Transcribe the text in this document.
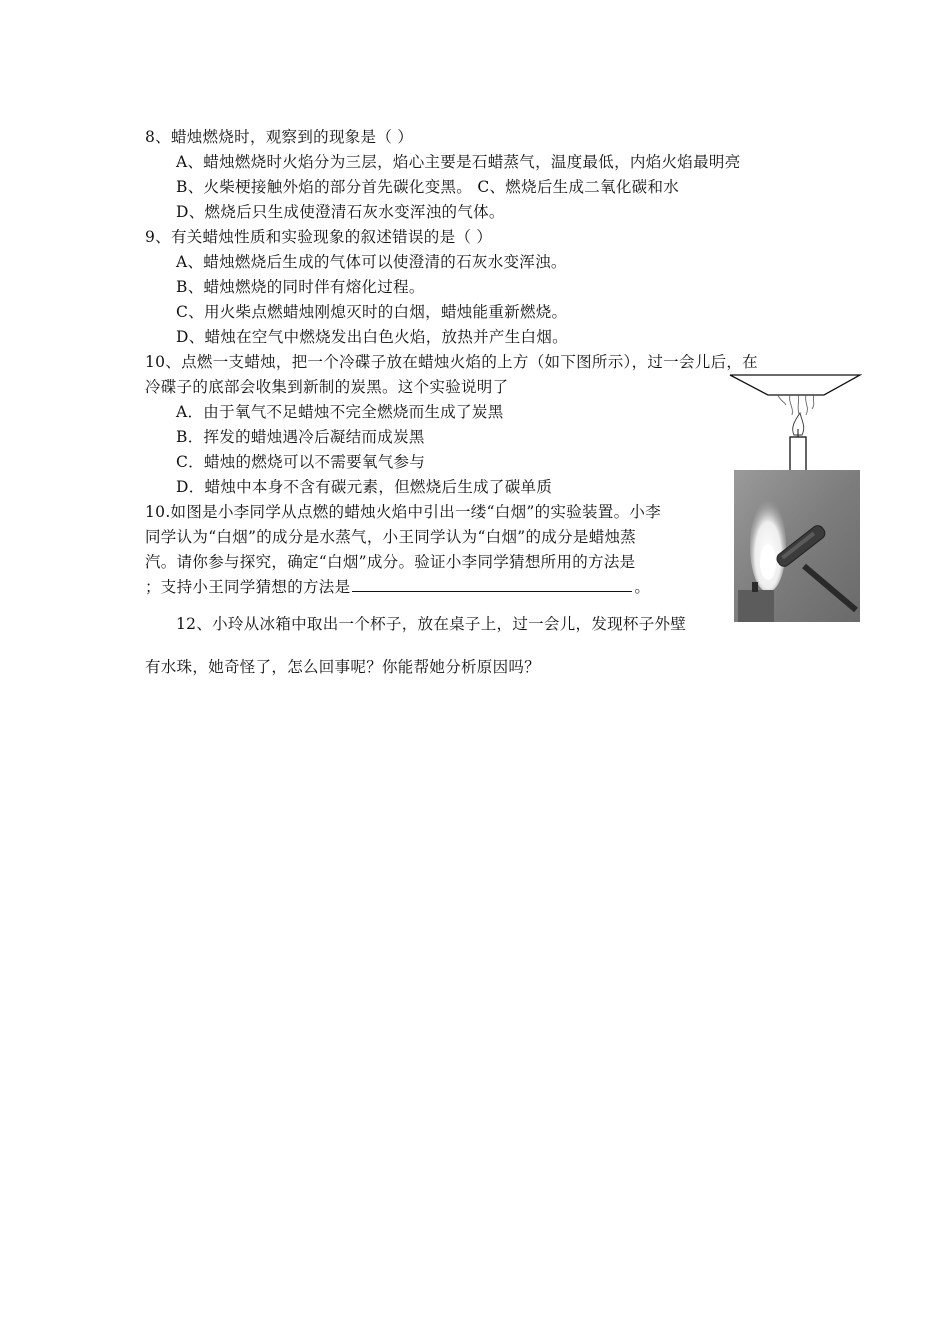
8、蜡烛燃烧时，观察到的现象是（ ）
A、蜡烛燃烧时火焰分为三层，焰心主要是石蜡蒸气，温度最低，内焰火焰最明亮
B、火柴梗接触外焰的部分首先碳化变黑。 C、燃烧后生成二氧化碳和水
D、燃烧后只生成使澄清石灰水变浑浊的气体。
9、有关蜡烛性质和实验现象的叙述错误的是（ ）
A、蜡烛燃烧后生成的气体可以使澄清的石灰水变浑浊。
B、蜡烛燃烧的同时伴有熔化过程。
C、用火柴点燃蜡烛刚熄灭时的白烟，蜡烛能重新燃烧。
D、蜡烛在空气中燃烧发出白色火焰，放热并产生白烟。
10、点燃一支蜡烛，把一个冷碟子放在蜡烛火焰的上方（如下图所示），过一会儿后，在
冷碟子的底部会收集到新制的炭黑。这个实验说明了
A．由于氧气不足蜡烛不完全燃烧而生成了炭黑
B．挥发的蜡烛遇冷后凝结而成炭黑
C．蜡烛的燃烧可以不需要氧气参与
D．蜡烛中本身不含有碳元素，但燃烧后生成了碳单质
10.如图是小李同学从点燃的蜡烛火焰中引出一缕“白烟”的实验装置。小李
同学认为“白烟”的成分是水蒸气，小王同学认为“白烟”的成分是蜡烛蒸
汽。请你参与探究，确定“白烟”成分。验证小李同学猜想所用的方法是
；支持小王同学猜想的方法是	。
12、小玲从冰箱中取出一个杯子，放在桌子上，过一会儿，发现杯子外壁
有水珠，她奇怪了，怎么回事呢？你能帮她分析原因吗？
